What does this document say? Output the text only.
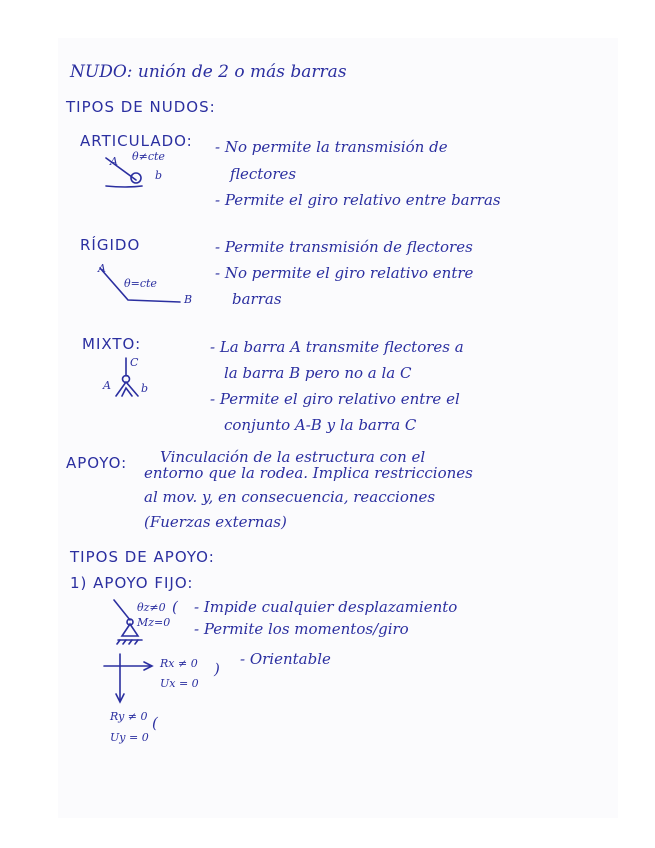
NUDO: unión de 2 o más barras
TIPOS DE NUDOS:
ARTICULADO:
A θ≠cte
b
- No permite la transmisión de
flectores
- Permite el giro relativo entre barras
RÍGIDO
A
θ=cte
B
- Permite transmisión de flectores
- No permite el giro relativo entre
barras
MIXTO:
C
A	b
- La barra A transmite flectores a
la barra B pero no a la C
- Permite el giro relativo entre el
conjunto A-B y la barra C
APOYO: Vinculación de la estructura con el
entorno que la rodea. Implica restricciones
al mov. y, en consecuencia, reacciones
(Fuerzas externas)
TIPOS DE APOYO:
1) APOYO FIJO:
θz≠0
Mz=0
( - Impide cualquier desplazamiento
- Permite los momentos/giro
Rx ≠ 0
Ux = 0
)
- Orientable
Ry ≠ 0
Uy = 0
(
